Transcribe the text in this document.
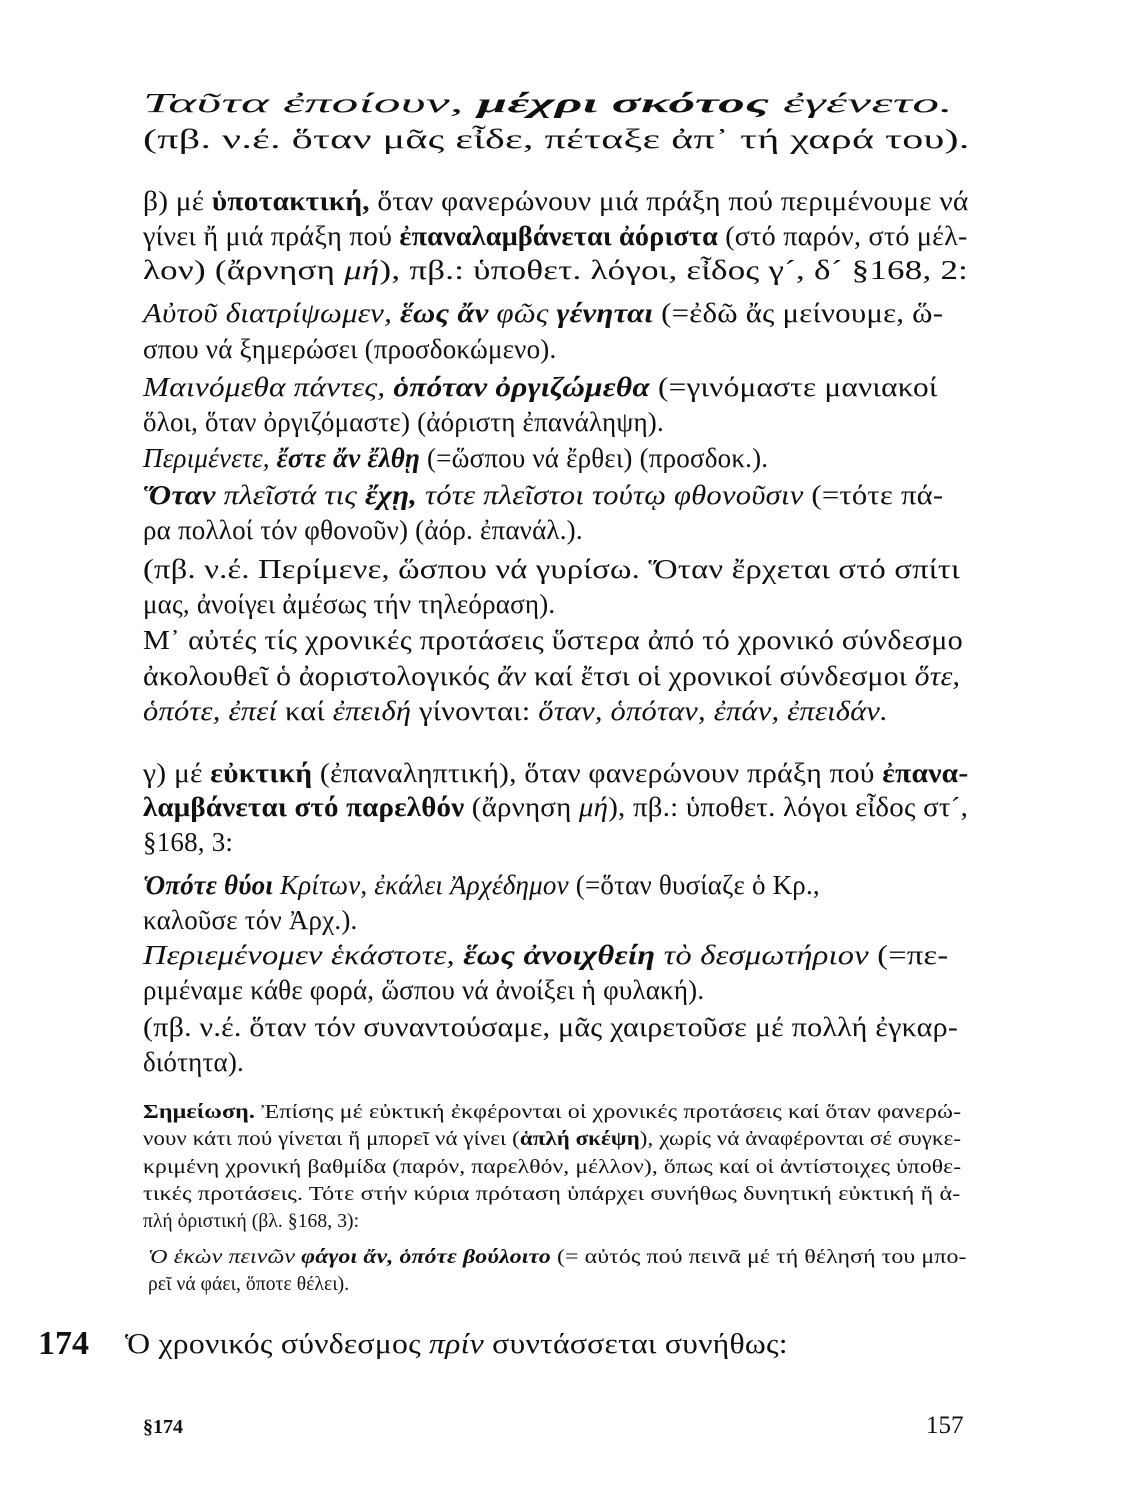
Ταῦτα ἐποίουν, μέχρι σκότος ἐγένετο.
(πβ. ν.έ. ὅταν μᾶς εἶδε, πέταξε ἀπ᾽ τή χαρά του).
β) μέ ὑποτακτική, ὅταν φανερώνουν μιά πράξη πού περιμένουμε νά
γίνει ἤ μιά πράξη πού ἐπαναλαμβάνεται ἀόριστα (στό παρόν, στό μέλ-
λον) (ἄρνηση μή), πβ.: ὑποθετ. λόγοι, εἶδος γ´, δ´ §168, 2:
Αὐτοῦ διατρίψωμεν, ἕως ἄν φῶς γένηται (=ἐδῶ ἄς μείνουμε, ὥ-
σπου νά ξημερώσει (προσδοκώμενο).
Μαινόμεθα πάντες, ὁπόταν ὀργιζώμεθα (=γινόμαστε μανιακοί
ὅλοι, ὅταν ὀργιζόμαστε) (ἀόριστη ἐπανάληψη).
Περιμένετε, ἔστε ἄν ἔλθῃ (=ὥσπου νά ἔρθει) (προσδοκ.).
Ὅταν πλεῖστά τις ἔχῃ, τότε πλεῖστοι τούτῳ φθονοῦσιν (=τότε πά-
ρα πολλοί τόν φθονοῦν) (ἀόρ. ἐπανάλ.).
(πβ. ν.έ. Περίμενε, ὥσπου νά γυρίσω. Ὅταν ἔρχεται στό σπίτι
μας, ἀνοίγει ἀμέσως τήν τηλεόραση).
Μ᾽ αὐτές τίς χρονικές προτάσεις ὕστερα ἀπό τό χρονικό σύνδεσμο
ἀκολουθεῖ ὁ ἀοριστολογικός ἄν καί ἔτσι οἱ χρονικοί σύνδεσμοι ὅτε,
ὁπότε, ἐπεί καί ἐπειδή γίνονται: ὅταν, ὁπόταν, ἐπάν, ἐπειδάν.
γ) μέ εὐκτική (ἐπαναληπτική), ὅταν φανερώνουν πράξη πού ἐπανα-
λαμβάνεται στό παρελθόν (ἄρνηση μή), πβ.: ὑποθετ. λόγοι εἶδος στ´,
§168, 3:
Ὁπότε θύοι Κρίτων, ἐκάλει Ἀρχέδημον (=ὅταν θυσίαζε ὁ Κρ.,
καλοῦσε τόν Ἀρχ.).
Περιεμένομεν ἑκάστοτε, ἕως ἀνοιχθείη τὸ δεσμωτήριον (=πε-
ριμέναμε κάθε φορά, ὥσπου νά ἀνοίξει ἡ φυλακή).
(πβ. ν.έ. ὅταν τόν συναντούσαμε, μᾶς χαιρετοῦσε μέ πολλή ἐγκαρ-
διότητα).
Σημείωση. Ἐπίσης μέ εὐκτική ἐκφέρονται οἱ χρονικές προτάσεις καί ὅταν φανερώ-
νουν κάτι πού γίνεται ἤ μπορεῖ νά γίνει (ἁπλή σκέψη), χωρίς νά ἀναφέρονται σέ συγκε-
κριμένη χρονική βαθμίδα (παρόν, παρελθόν, μέλλον), ὅπως καί οἱ ἀντίστοιχες ὑποθε-
τικές προτάσεις. Τότε στήν κύρια πρόταση ὑπάρχει συνήθως δυνητική εὐκτική ἤ ἁ-
πλή ὁριστική (βλ. §168, 3):
Ὁ ἑκὼν πεινῶν φάγοι ἄν, ὁπότε βούλοιτο (= αὐτός πού πεινᾶ μέ τή θέλησή του μπο-
ρεῖ νά φάει, ὅποτε θέλει).
174 Ὁ χρονικός σύνδεσμος πρίν συντάσσεται συνήθως:
§174	157
